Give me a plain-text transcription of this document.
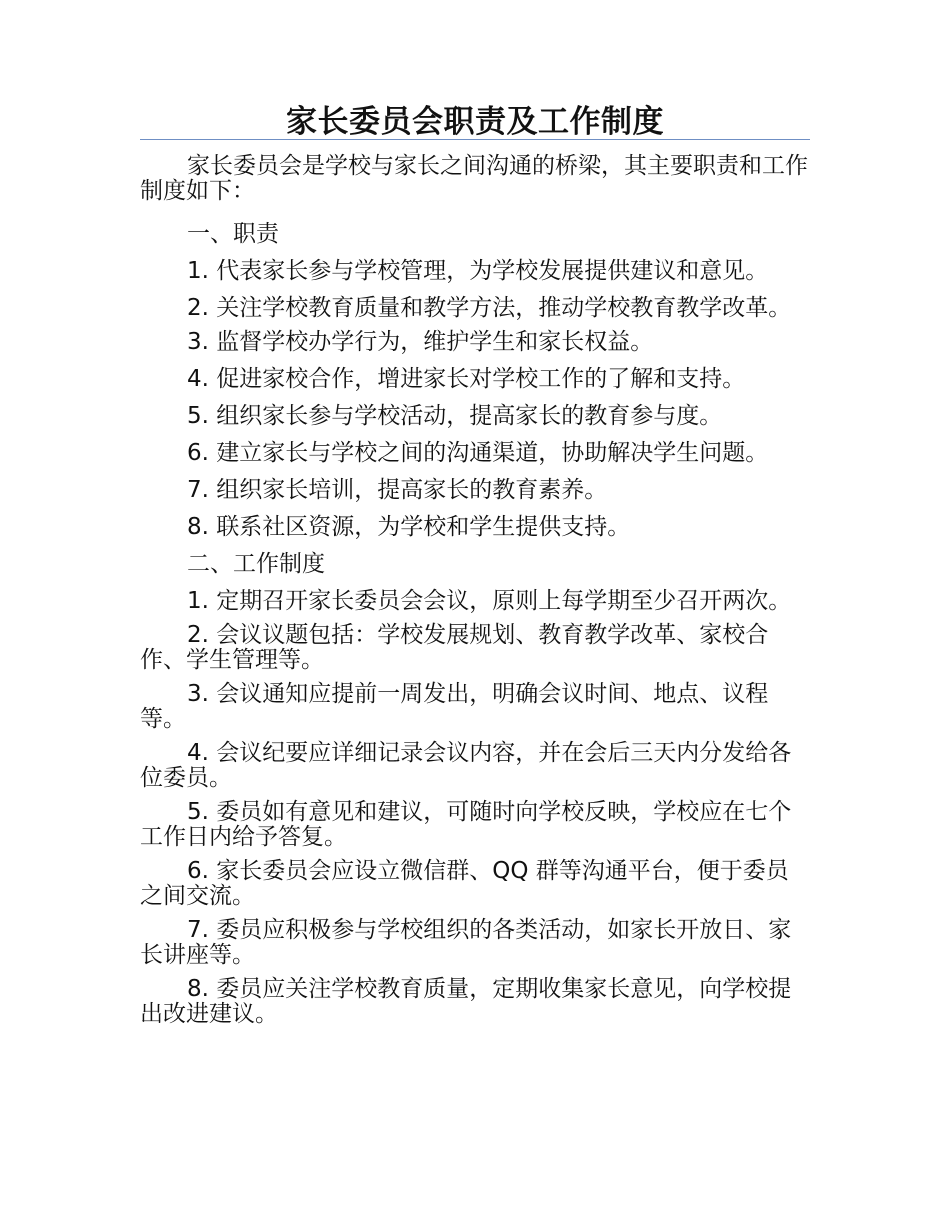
家长委员会职责及工作制度

家长委员会是学校与家长之间沟通的桥梁，其主要职责和工作制度如下：

一、职责

1. 代表家长参与学校管理，为学校发展提供建议和意见。

2. 关注学校教育质量和教学方法，推动学校教育教学改革。

3. 监督学校办学行为，维护学生和家长权益。

4. 促进家校合作，增进家长对学校工作的了解和支持。

5. 组织家长参与学校活动，提高家长的教育参与度。

6. 建立家长与学校之间的沟通渠道，协助解决学生问题。

7. 组织家长培训，提高家长的教育素养。

8. 联系社区资源，为学校和学生提供支持。

二、工作制度

1. 定期召开家长委员会会议，原则上每学期至少召开两次。

2. 会议议题包括：学校发展规划、教育教学改革、家校合作、学生管理等。

3. 会议通知应提前一周发出，明确会议时间、地点、议程等。

4. 会议纪要应详细记录会议内容，并在会后三天内分发给各位委员。

5. 委员如有意见和建议，可随时向学校反映，学校应在七个工作日内给予答复。

6. 家长委员会应设立微信群、QQ 群等沟通平台，便于委员之间交流。

7. 委员应积极参与学校组织的各类活动，如家长开放日、家长讲座等。

8. 委员应关注学校教育质量，定期收集家长意见，向学校提出改进建议。
